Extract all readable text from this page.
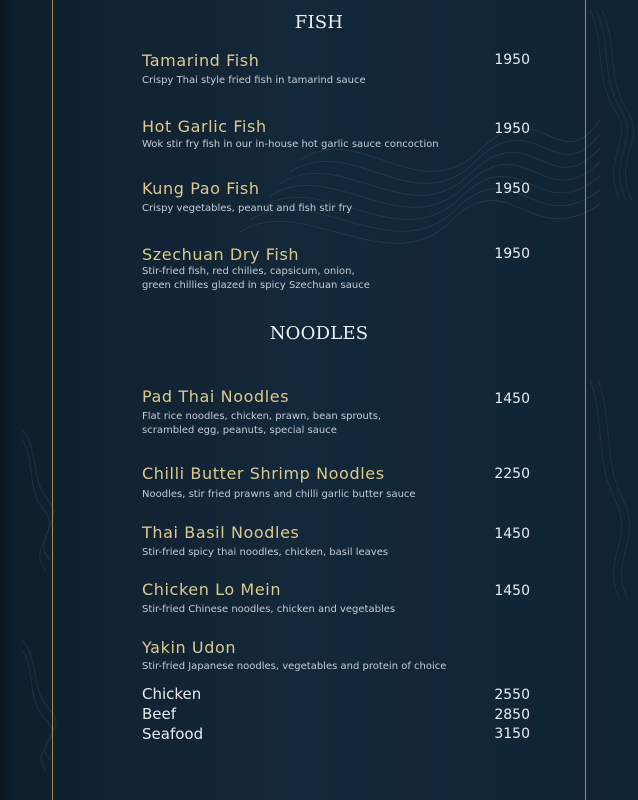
FISH
Tamarind Fish	1950
Crispy Thai style fried fish in tamarind sauce
Hot Garlic Fish	1950
Wok stir fry fish in our in-house hot garlic sauce concoction
Kung Pao Fish	1950
Crispy vegetables, peanut and fish stir fry
Szechuan Dry Fish	1950
Stir-fried fish, red chilies, capsicum, onion,
green chillies glazed in spicy Szechuan sauce
NOODLES
Pad Thai Noodles	1450
Flat rice noodles, chicken, prawn, bean sprouts,
scrambled egg, peanuts, special sauce
Chilli Butter Shrimp Noodles	2250
Noodles, stir fried prawns and chilli garlic butter sauce
Thai Basil Noodles	1450
Stir-fried spicy thai noodles, chicken, basil leaves
Chicken Lo Mein	1450
Stir-fried Chinese noodles, chicken and vegetables
Yakin Udon
Stir-fried Japanese noodles, vegetables and protein of choice
Chicken	2550
Beef	2850
Seafood	3150
